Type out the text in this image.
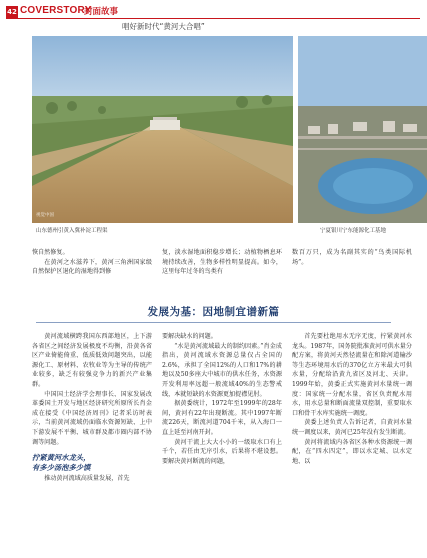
42 COVERSTORY
封面故事
唱好新时代“黄河大合唱”
视觉中国
山东德州引黄入冀补淀工程渠	宁夏银川宁东能源化工基地

恢自然修复。

在黄河之水滋养下，黄河三角洲国家级自然保护区退化的湿地得到修

复，淡水湿地面积稳步增长；动植物栖息环境持续改善，生物多样性明显提高。如今，这里每年过冬的鸟类有

数百万只，成为名副其实的“鸟类国际机场”。

发展为基：因地制宜谱新篇

黄河流域横跨我国东西部地区，上下游各省区之间经济发展极度不均衡，沿黄各省区产业倚能倚重、低质低效问题突出，以能源化工、原材料、农牧业等为主导的传统产业较多，缺乏有较强竞争力的新兴产业集群。

中国国土经济学会理事长、国家发展改革委国土开发与地区经济研究所原所长肖金成在接受《中国经济周刊》记者采访时表示，当前黄河流域仍面临水资源短缺、上中下游发展不平衡、城市群及都市圈内部不协调等问题。

拧紧黄河水龙头，
有多少汤泡多少馍

推动黄河流域高质量发展，首先

要解决缺水的问题。

“水是黄河流域最大的制约因素。”肖金成指出，黄河流域水资源总量仅占全国的2.6%，承担了全国12%的人口和17%的耕地以及50多座大中城市的供水任务，水资源开发利用率远超一般流域40%的生态警戒线，本就短缺的水资源更加捉襟见肘。

据黄委统计，1972年至1999年的28年间，黄河有22年出现断流。其中1997年断流226天，断流河道704千米，从入海口一直上延至河南开封。

黄河干流上大大小小的一级取水口有上千个，若任由无序引水，后果将不堪设想。要解决黄河断流的问题，

首先要杜绝用水无序无度，拧紧黄河水龙头。1987年，国务院批准黄河可供水量分配方案，将黄河天然径流量在和除河道输沙等生态环境用水后的370亿立方米最大可供水量，分配给沿黄九省区及河北、天津。1999年始，黄委正式实施黄河水量统一调度：国家统一分配水量，省区负责配水用水，用水总量和断面流量双控制，重要取水口和骨干水库实施统一调度。

黄委上述负责人告诉记者，自黄河水量统一调度以来，黄河已25年没有发生断流。

黄河将流域内各省区各种水资源统一调配，在“四水四定”，即以水定城、以水定地、以
